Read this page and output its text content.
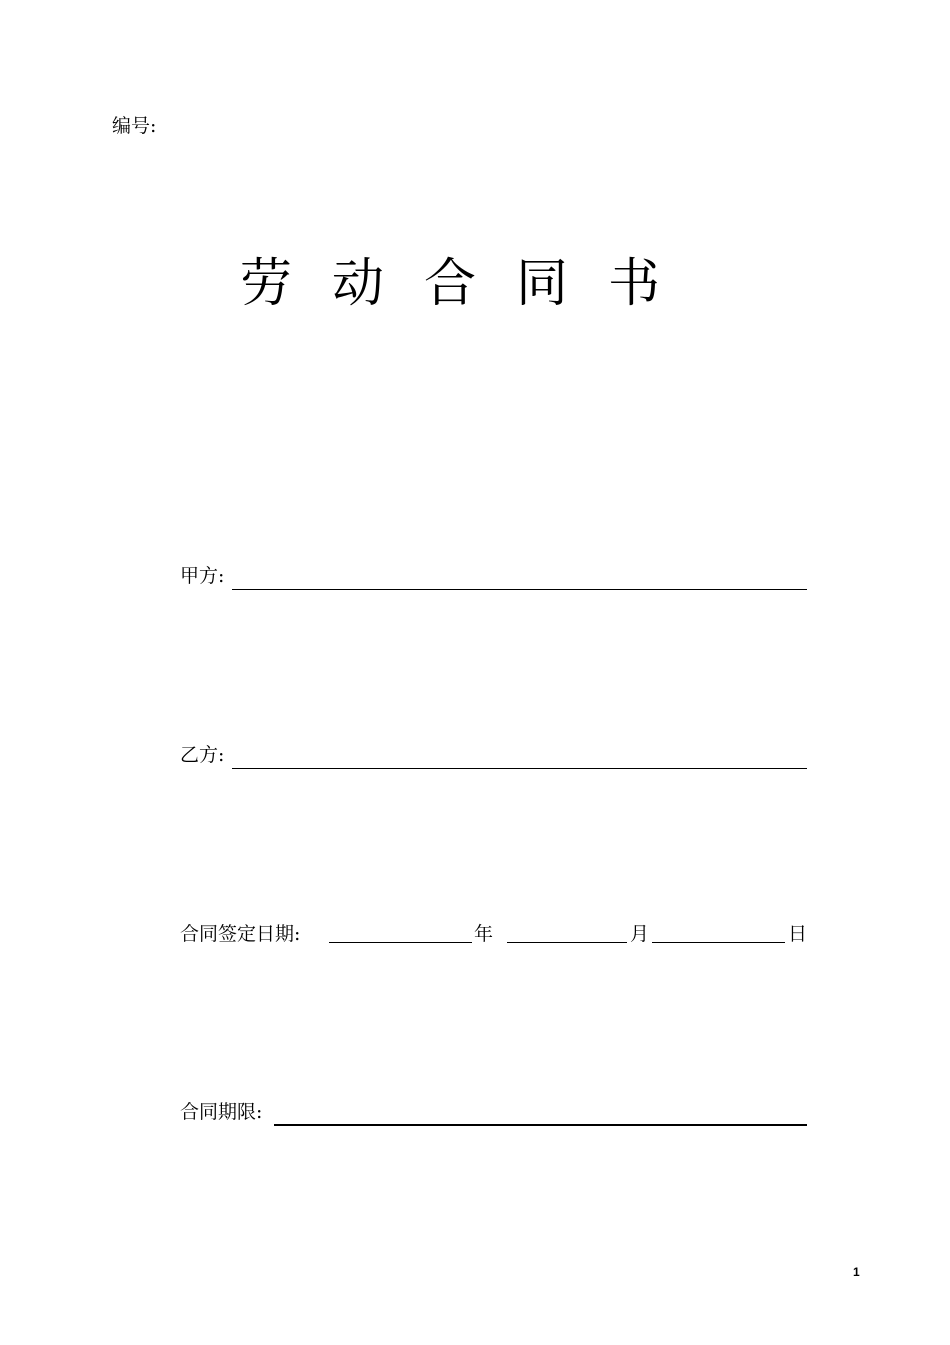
编号:
劳 动 合 同 书
甲方:
乙方:
合同签定日期:	年	月	日
合同期限:
1
